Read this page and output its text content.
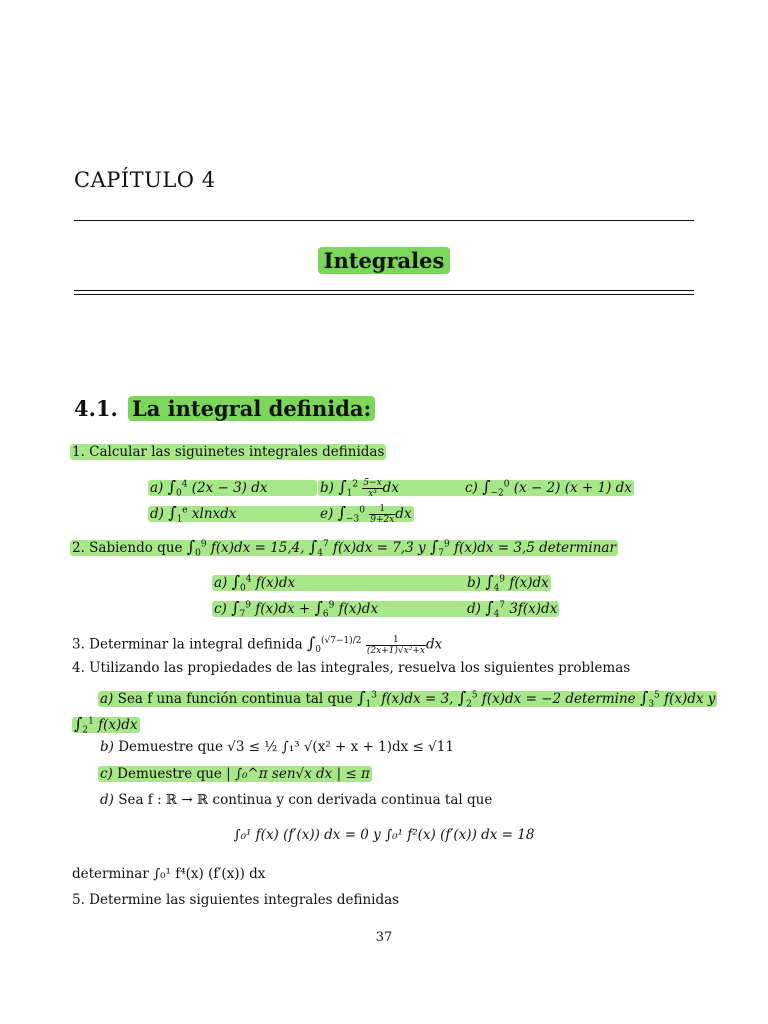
CAPÍTULO 4
Integrales
4.1. La integral definida:
1. Calcular las siguinetes integrales definidas
a) $\int_0^4$ (2x − 3) dx	b) $\int_1^2 \frac{5-x}{\text{x³}}$ dx	c) $\int_{-2}^0$ (x − 2) (x + 1) dx
d) $\int_1^e$ xlnxdx	e) $\int_{-3}^0 \frac{1}{9+2x}$ dx
2. Sabiendo que $\int_0^9$ f(x)dx = 15,4, $\int_4^7$ f(x)dx = 7,3 y $\int_7^9$ f(x)dx = 3,5 determinar
a) $\int_0^4$ f(x)dx	b) $\int_4^9$ f(x)dx
c) $\int_7^9$ $f(x)dx + \int_6^9$ f(x)dx	d) $\int_4^7$ 3f(x)dx
3. Determinar la integral definida $\int_0^{(√7-1)/2} \frac{1}{\text{(2x+1)√x²+x}}$ dx
4. Utilizando las propiedades de las integrales, resuelva los siguientes problemas
a) Sea f una función continua tal que $\int_1^3$ f(x)dx = 3, $\int_2^5$ f(x)dx = −2 determine $\int_3^5$ f(x)dx y
$\int_2^1$ f(x)dx
b) Demuestre que √3 ≤ ½ ∫₁³ √(x² + x + 1)dx ≤ √11
c) Demuestre que | ∫₀^π sen√x dx | ≤ π
d) Sea f : ℝ → ℝ continua y con derivada continua tal que
∫₀¹ f(x) (f′(x)) dx = 0 y ∫₀¹ f²(x) (f′(x)) dx = 18
determinar ∫₀¹ f⁴(x) (f′(x)) dx
5. Determine las siguientes integrales definidas
37
